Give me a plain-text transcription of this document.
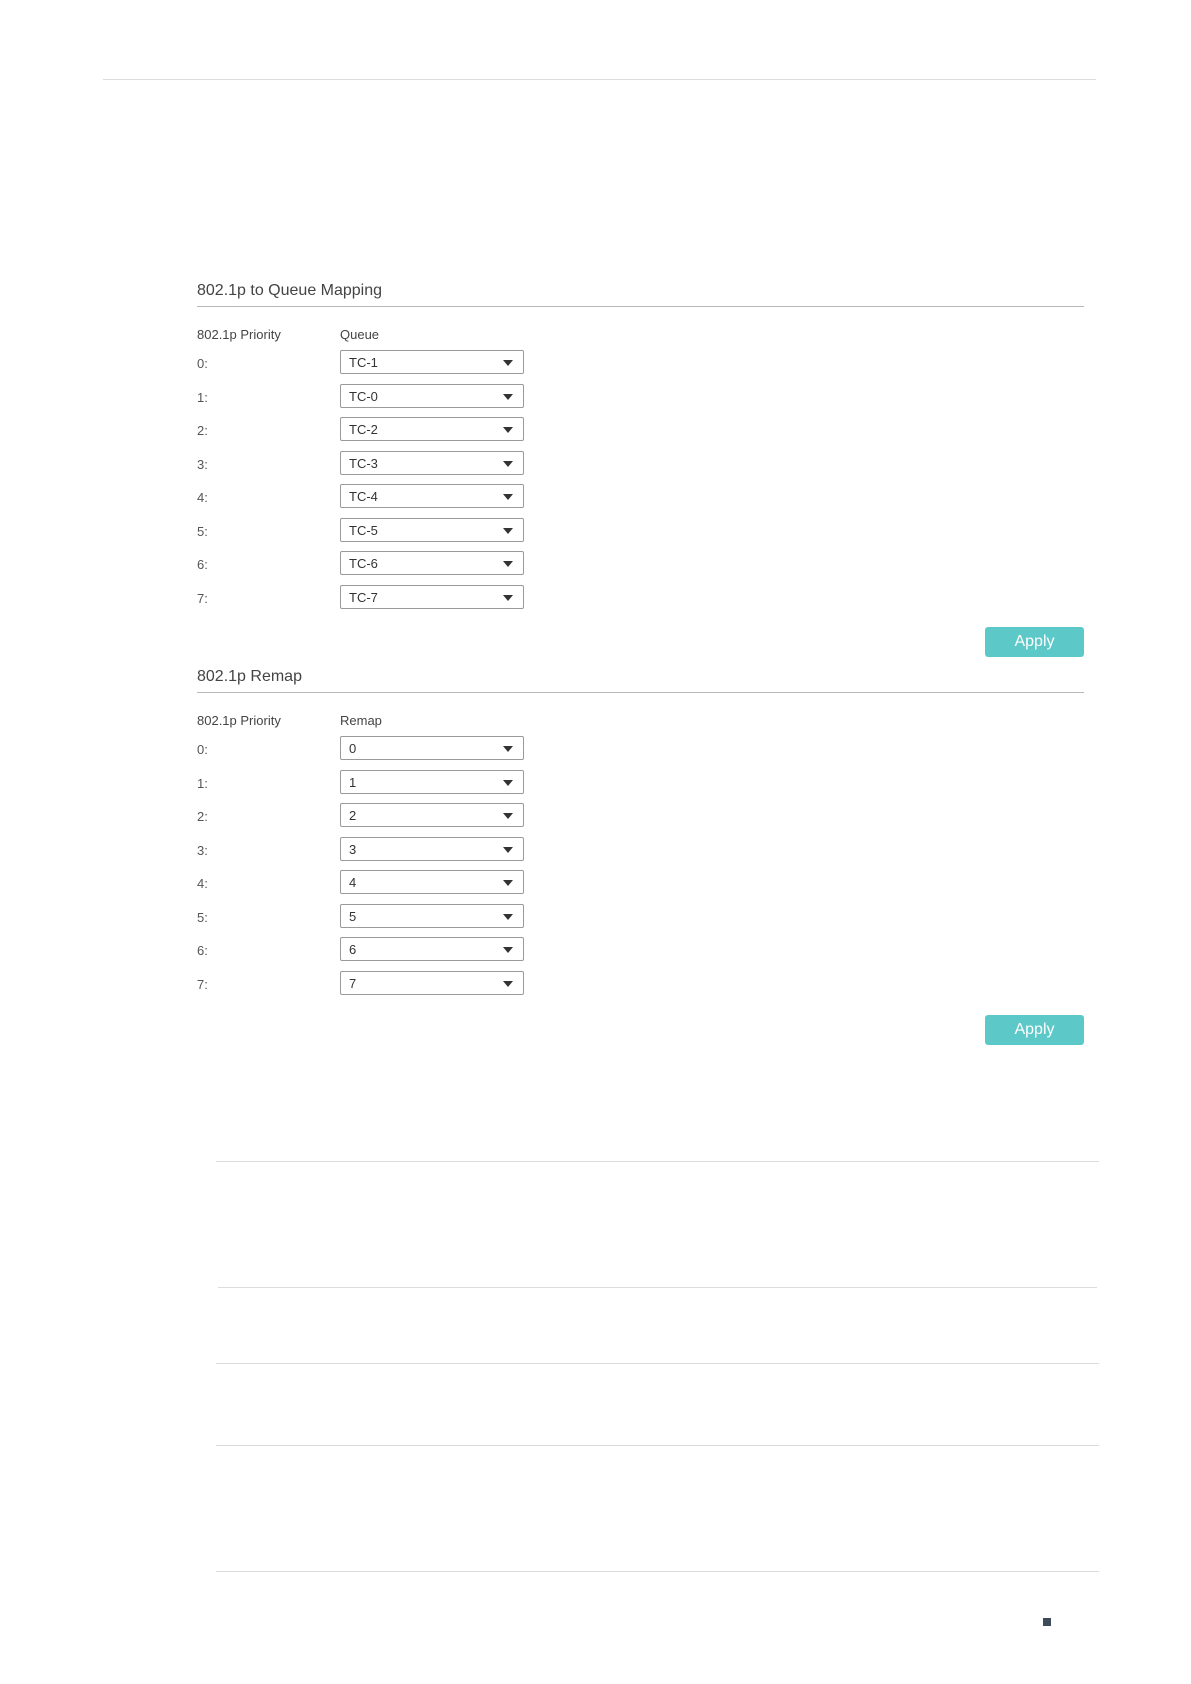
802.1p to Queue Mapping
802.1p Priority	Queue
0:	TC-1
1:	TC-0
2:	TC-2
3:	TC-3
4:	TC-4
5:	TC-5
6:	TC-6
7:	TC-7
Apply
802.1p Remap
802.1p Priority	Remap
0:	0
1:	1
2:	2
3:	3
4:	4
5:	5
6:	6
7:	7
Apply
